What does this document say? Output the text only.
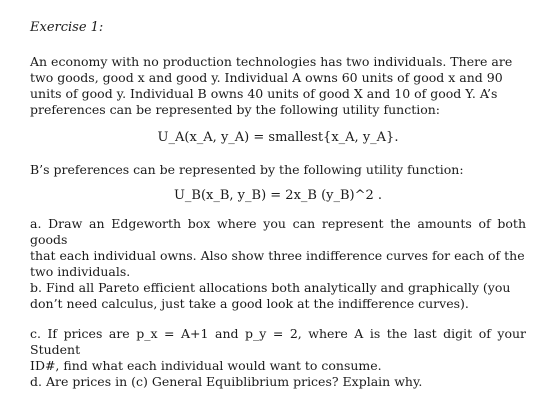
Exercise 1:
An economy with no production technologies has two individuals. There are
two goods, good x and good y. Individual A owns 60 units of good x and 90
units of good y. Individual B owns 40 units of good X and 10 of good Y. A’s
preferences can be represented by the following utility function:
U_A(x_A, y_A) = smallest{x_A, y_A}.
B’s preferences can be represented by the following utility function:
U_B(x_B, y_B) = 2x_B (y_B)^2 .
a. Draw an Edgeworth box where you can represent the amounts of both goods
that each individual owns. Also show three indifference curves for each of the
two individuals.
b. Find all Pareto efficient allocations both analytically and graphically (you
don’t need calculus, just take a good look at the indifference curves).
c. If prices are p_x = A+1 and p_y = 2, where A is the last digit of your Student
ID#, find what each individual would want to consume.
d. Are prices in (c) General Equiblibrium prices? Explain why.
